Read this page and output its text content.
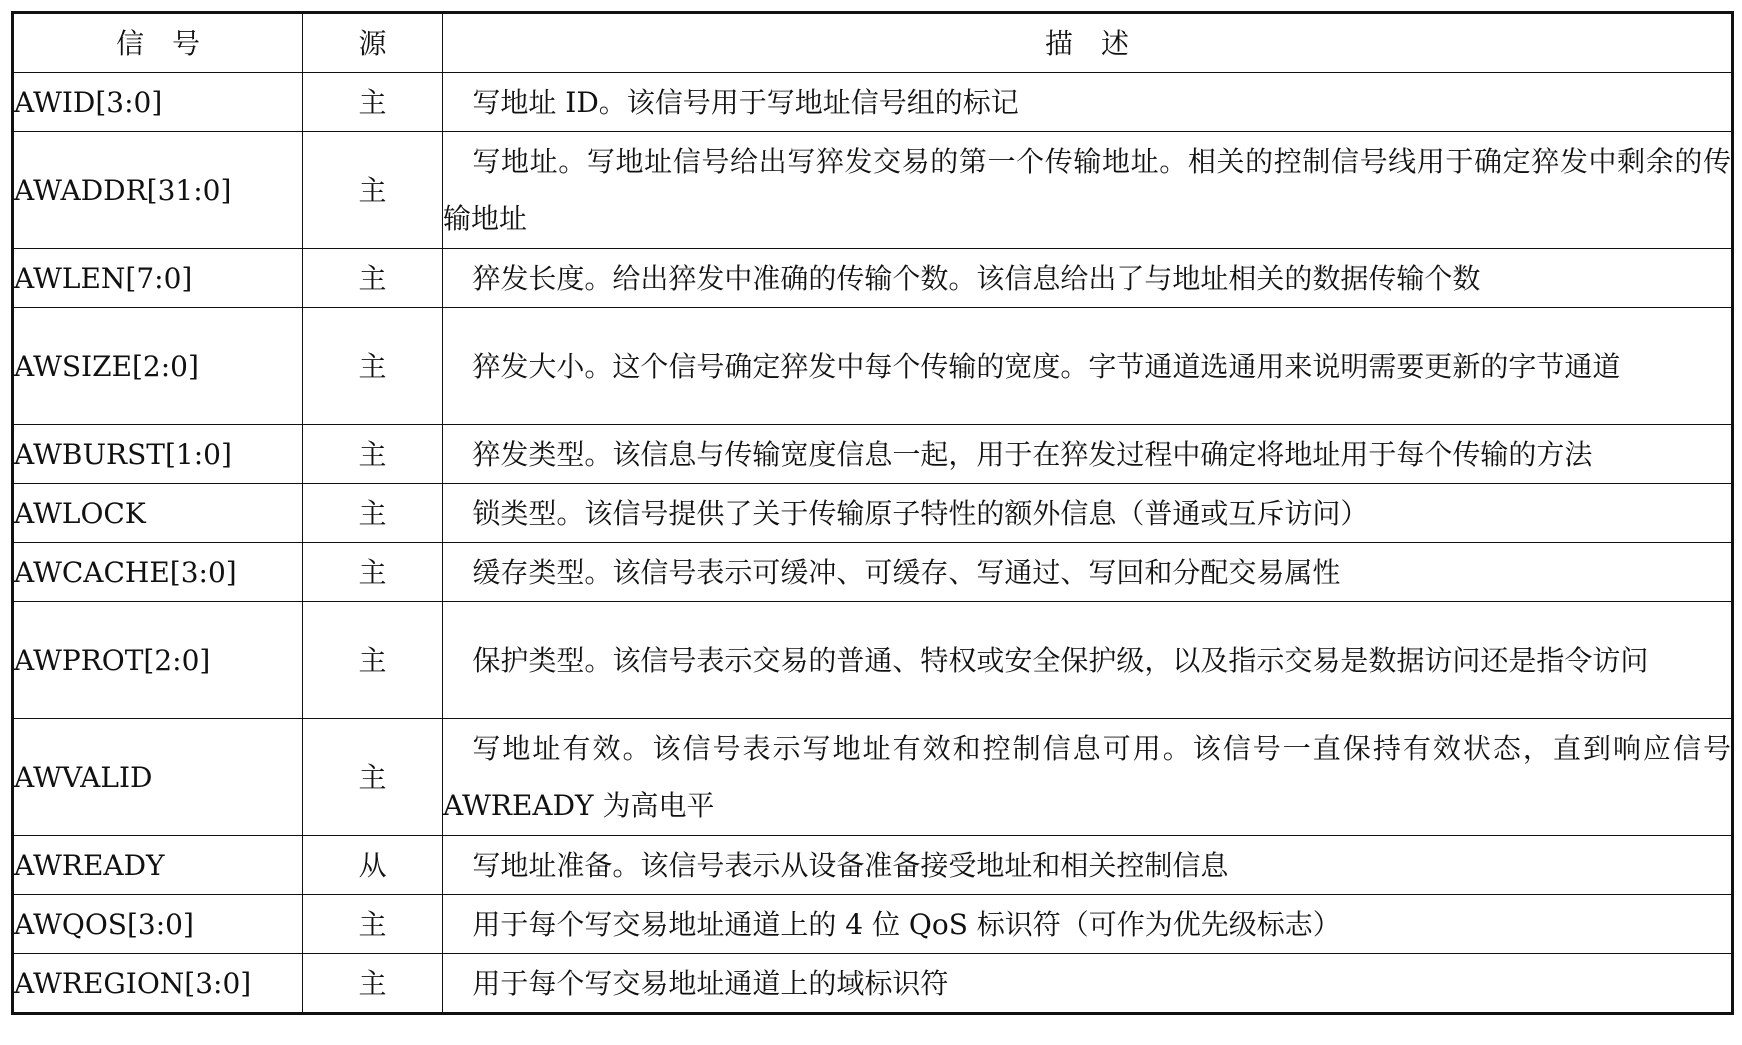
信　号	源	描　述
AWID[3:0]	主	写地址 ID。该信号用于写地址信号组的标记

AWADDR[31:0]	主	写地址。写地址信号给出写猝发交易的第一个传输地址。相关的控制信号线用于确定猝发中剩余的传输地址

AWLEN[7:0]	主	猝发长度。给出猝发中准确的传输个数。该信息给出了与地址相关的数据传输个数

AWSIZE[2:0]	主	猝发大小。这个信号确定猝发中每个传输的宽度。字节通道选通用来说明需要更新的字节通道

AWBURST[1:0]	主	猝发类型。该信息与传输宽度信息一起，用于在猝发过程中确定将地址用于每个传输的方法

AWLOCK	主	锁类型。该信号提供了关于传输原子特性的额外信息（普通或互斥访问）

AWCACHE[3:0]	主	缓存类型。该信号表示可缓冲、可缓存、写通过、写回和分配交易属性

AWPROT[2:0]	主	保护类型。该信号表示交易的普通、特权或安全保护级，以及指示交易是数据访问还是指令访问

AWVALID	主	写地址有效。该信号表示写地址有效和控制信息可用。该信号一直保持有效状态，直到响应信号 AWREADY 为高电平

AWREADY	从	写地址准备。该信号表示从设备准备接受地址和相关控制信息

AWQOS[3:0]	主	用于每个写交易地址通道上的 4 位 QoS 标识符（可作为优先级标志）

AWREGION[3:0]	主	用于每个写交易地址通道上的域标识符
